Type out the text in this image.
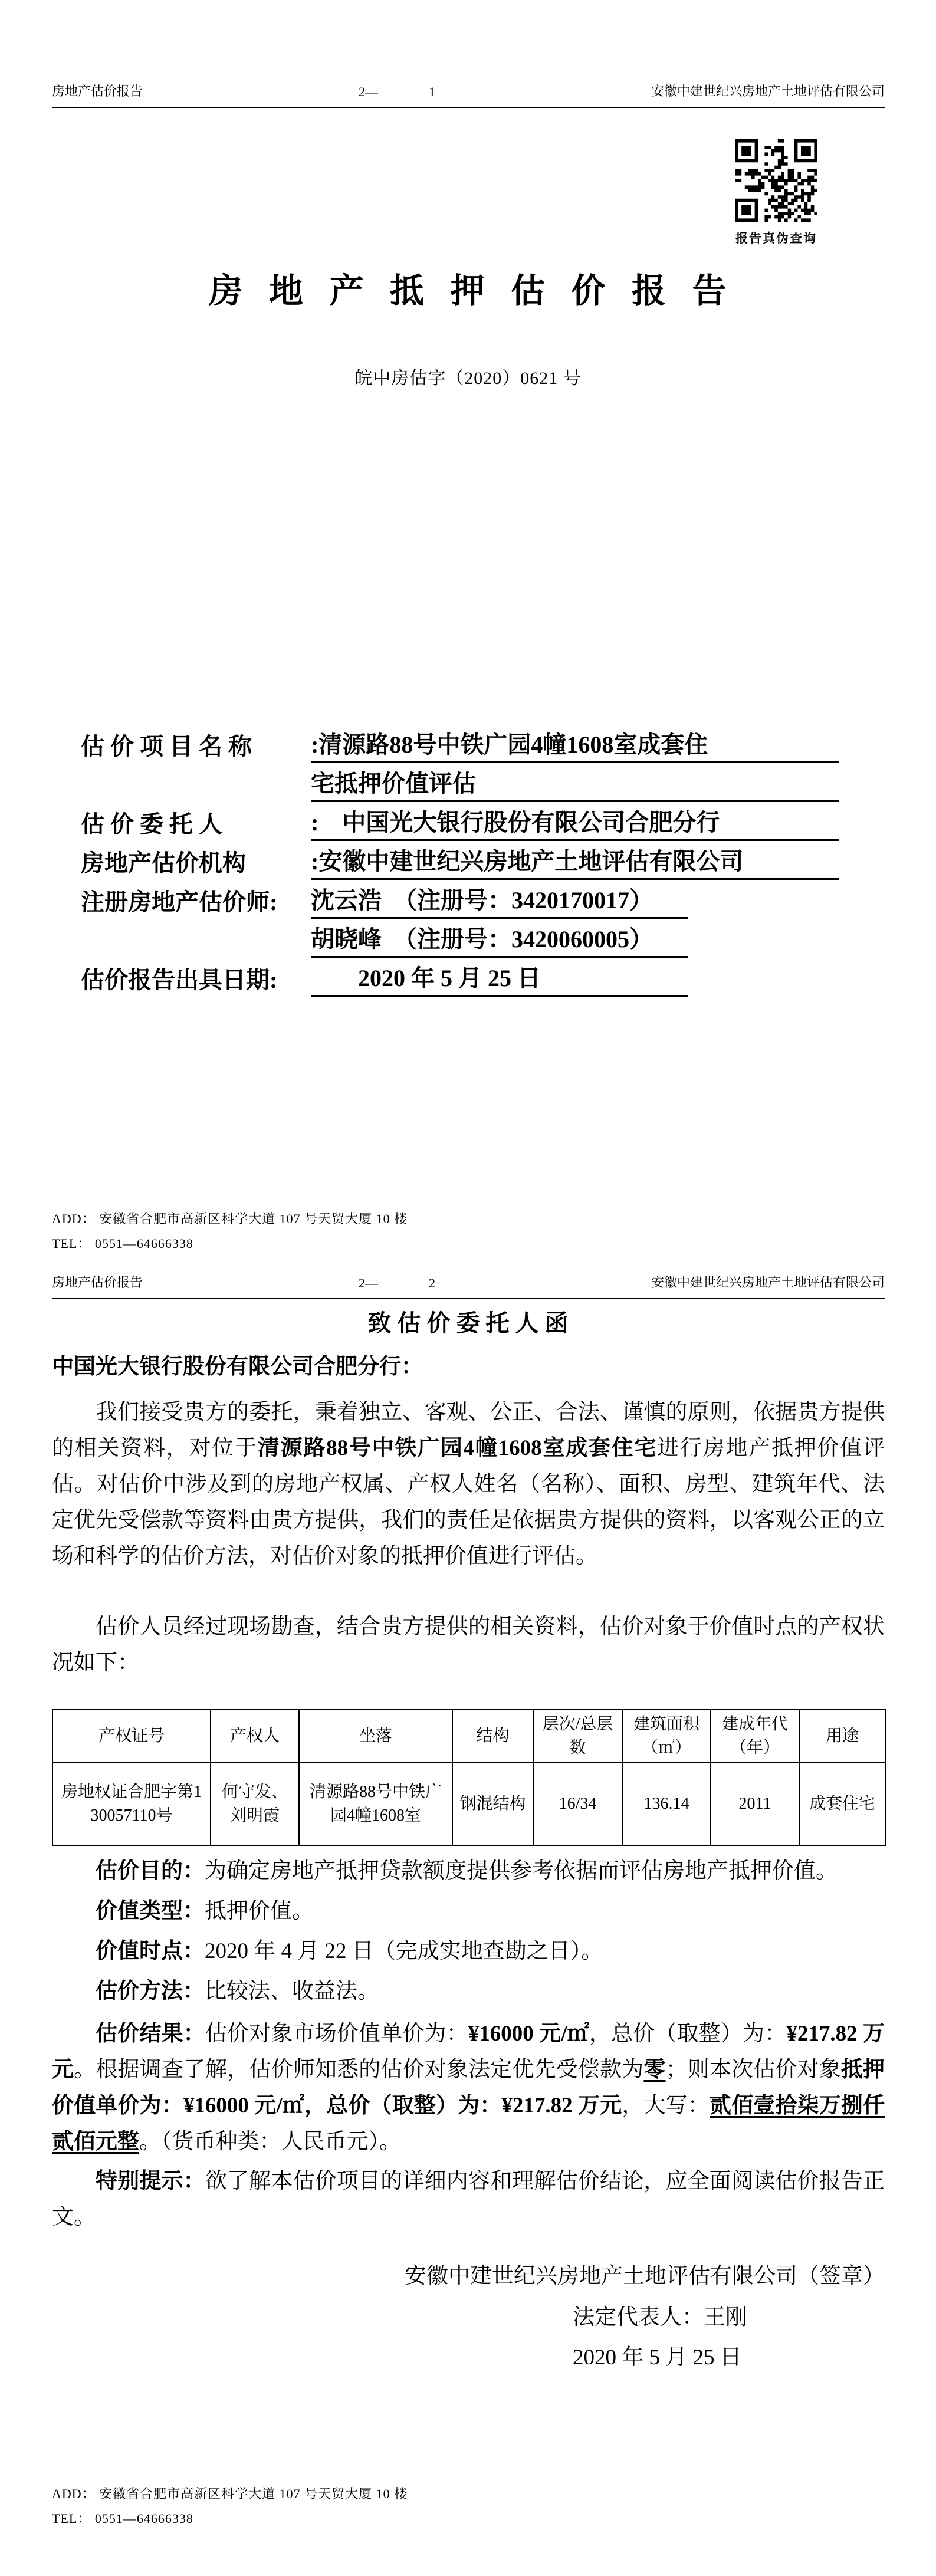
房地产估价报告	2—	1	安徽中建世纪兴房地产土地评估有限公司
报告真伪查询
房 地 产 抵 押 估 价 报 告
皖中房估字（2020）0621 号
估 价 项 目 名 称	:清源路88号中铁广园4幢1608室成套住
宅抵押价值评估
估 价 委 托 人	:　中国光大银行股份有限公司合肥分行
房地产估价机构	:安徽中建世纪兴房地产土地评估有限公司
注册房地产估价师:	沈云浩　（注册号：3420170017）
胡晓峰　（注册号：3420060005）
估价报告出具日期:	　　2020 年 5 月 25 日
ADD： 安徽省合肥市高新区科学大道 107 号天贸大厦 10 楼
TEL： 0551—64666338
房地产估价报告	2—	2	安徽中建世纪兴房地产土地评估有限公司
致 估 价 委 托 人 函
中国光大银行股份有限公司合肥分行：

我们接受贵方的委托，秉着独立、客观、公正、合法、谨慎的原则，依据贵方提供的相关资料，对位于清源路88号中铁广园4幢1608室成套住宅进行房地产抵押价值评估。对估价中涉及到的房地产权属、产权人姓名（名称）、面积、房型、建筑年代、法定优先受偿款等资料由贵方提供，我们的责任是依据贵方提供的资料，以客观公正的立场和科学的估价方法，对估价对象的抵押价值进行评估。

估价人员经过现场勘查，结合贵方提供的相关资料，估价对象于价值时点的产权状况如下：

产权证号	产权人	坐落	结构	层次/总层数	建筑面积（㎡）	建成年代（年）	用途
房地权证合肥字第130057110号	何守发、刘明霞	清源路88号中铁广园4幢1608室	钢混结构	16/34	136.14	2011	成套住宅
估价目的：为确定房地产抵押贷款额度提供参考依据而评估房地产抵押价值。
价值类型：抵押价值。
价值时点：2020 年 4 月 22 日（完成实地查勘之日）。
估价方法：比较法、收益法。

估价结果：估价对象市场价值单价为：¥16000 元/㎡，总价（取整）为：¥217.82 万元。根据调查了解，估价师知悉的估价对象法定优先受偿款为零；则本次估价对象抵押价值单价为：¥16000 元/㎡，总价（取整）为：¥217.82 万元，大写：贰佰壹拾柒万捌仟贰佰元整。（货币种类：人民币元）。

特别提示：欲了解本估价项目的详细内容和理解估价结论，应全面阅读估价报告正文。

安徽中建世纪兴房地产土地评估有限公司（签章）
法定代表人：王刚
2020 年 5 月 25 日
ADD： 安徽省合肥市高新区科学大道 107 号天贸大厦 10 楼
TEL： 0551—64666338
